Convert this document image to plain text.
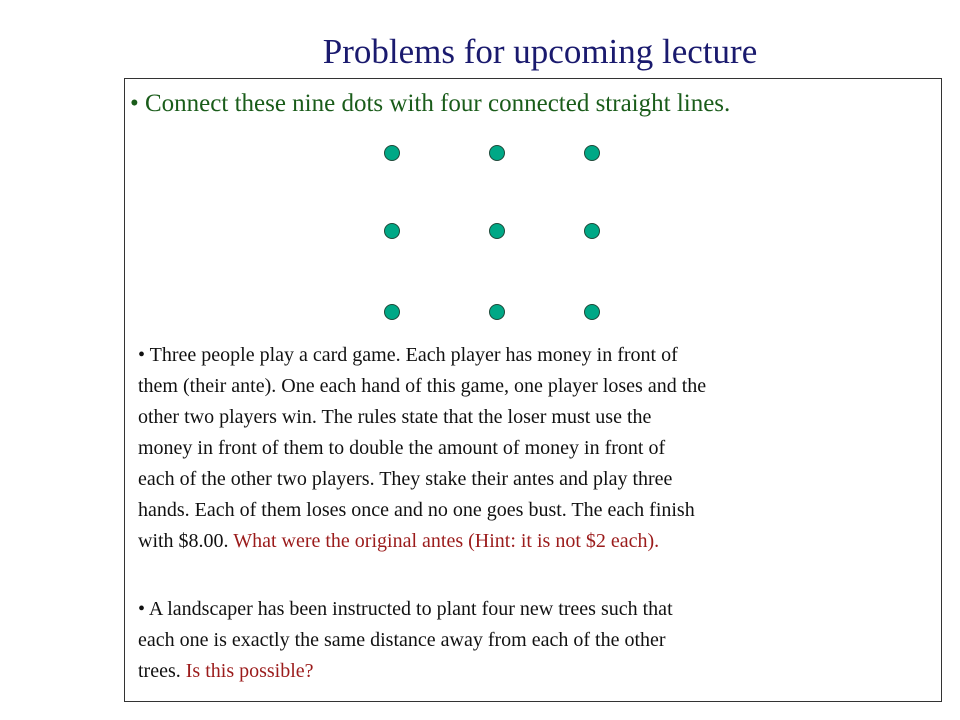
Problems for upcoming lecture
• Connect these nine dots with four connected straight lines.
• Three people play a card game. Each player has money in front of
them (their ante). One each hand of this game, one player loses and the
other two players win. The rules state that the loser must use the
money in front of them to double the amount of money in front of
each of the other two players. They stake their antes and play three
hands. Each of them loses once and no one goes bust. The each finish
with $8.00. What were the original antes (Hint: it is not $2 each).
• A landscaper has been instructed to plant four new trees such that
each one is exactly the same distance away from each of the other
trees. Is this possible?
